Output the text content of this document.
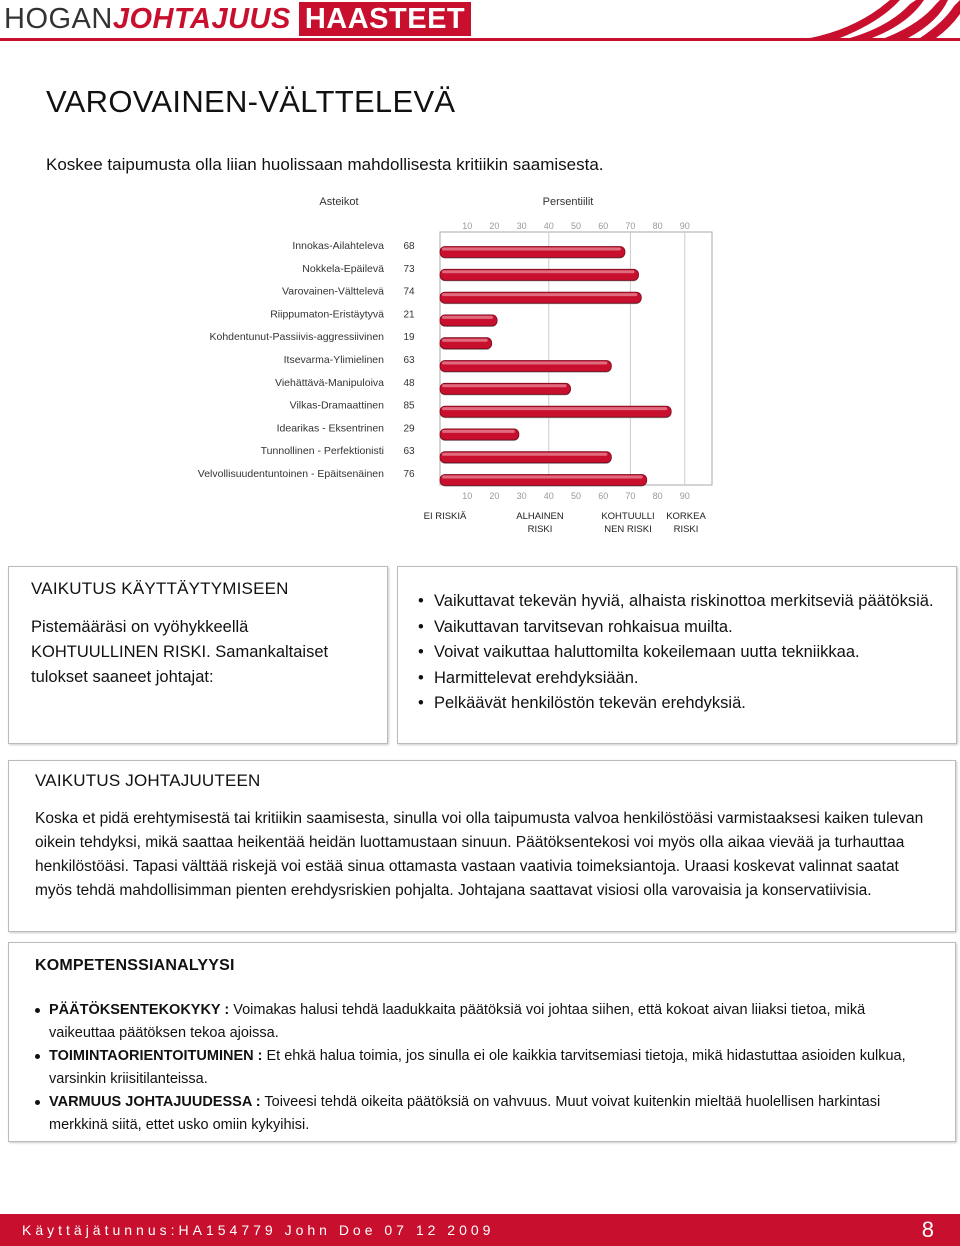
HOGAN JOHTAJUUS HAASTEET
VAROVAINEN-VÄLTTELEVÄ

Koskee taipumusta olla liian huolissaan mahdollisesta kritiikin saamisesta.

Asteikot	Persentiilit
10
10
20
20
30
30
40
40
50
50
60
60
70
70
80
80
90
90
Innokas-Ailahteleva 68
Nokkela-Epäilevä 73
Varovainen-Välttelevä 74
Riippumaton-Eristäytyvä 21
Kohdentunut-Passiivis-aggressiivinen 19
Itsevarma-Ylimielinen 63
Viehättävä-Manipuloiva 48
Vilkas-Dramaattinen 85
Idearikas - Eksentrinen 29
Tunnollinen - Perfektionisti 63
Velvollisuudentuntoinen - Epäitsenäinen 76
EI RISKIÄ	ALHAINEN
RISKI
KOHTUULLI
NEN RISKI
KORKEA
RISKI
VAIKUTUS KÄYTTÄYTYMISEEN

Pistemääräsi on vyöhykkeellä KOHTUULLINEN RISKI. Samankaltaiset tulokset saaneet johtajat:

• Vaikuttavat tekevän hyviä, alhaista riskinottoa merkitseviä päätöksiä.
• Vaikuttavan tarvitsevan rohkaisua muilta.
• Voivat vaikuttaa haluttomilta kokeilemaan uutta tekniikkaa.
• Harmittelevat erehdyksiään.
• Pelkäävät henkilöstön tekevän erehdyksiä.
VAIKUTUS JOHTAJUUTEEN

Koska et pidä erehtymisestä tai kritiikin saamisesta, sinulla voi olla taipumusta valvoa henkilöstöäsi varmistaaksesi kaiken tulevan oikein tehdyksi, mikä saattaa heikentää heidän luottamustaan sinuun. Päätöksentekosi voi myös olla aikaa vievää ja turhauttaa henkilöstöäsi. Tapasi välttää riskejä voi estää sinua ottamasta vastaan vaativia toimeksiantoja. Uraasi koskevat valinnat saatat myös tehdä mahdollisimman pienten erehdysriskien pohjalta. Johtajana saattavat visiosi olla varovaisia ja konservatiivisia.

KOMPETENSSIANALYYSI
PÄÄTÖKSENTEKOKYKY : Voimakas halusi tehdä laadukkaita päätöksiä voi johtaa siihen, että kokoat aivan liiaksi tietoa, mikä vaikeuttaa päätöksen tekoa ajoissa.
TOIMINTAORIENTOITUMINEN : Et ehkä halua toimia, jos sinulla ei ole kaikkia tarvitsemiasi tietoja, mikä hidastuttaa asioiden kulkua, varsinkin kriisitilanteissa.
VARMUUS JOHTAJUUDESSA : Toiveesi tehdä oikeita päätöksiä on vahvuus. Muut voivat kuitenkin mieltää huolellisen harkintasi merkkinä siitä, ettet usko omiin kykyihisi.
Käyttäjätunnus:HA154779 John Doe 07 12 2009	8
